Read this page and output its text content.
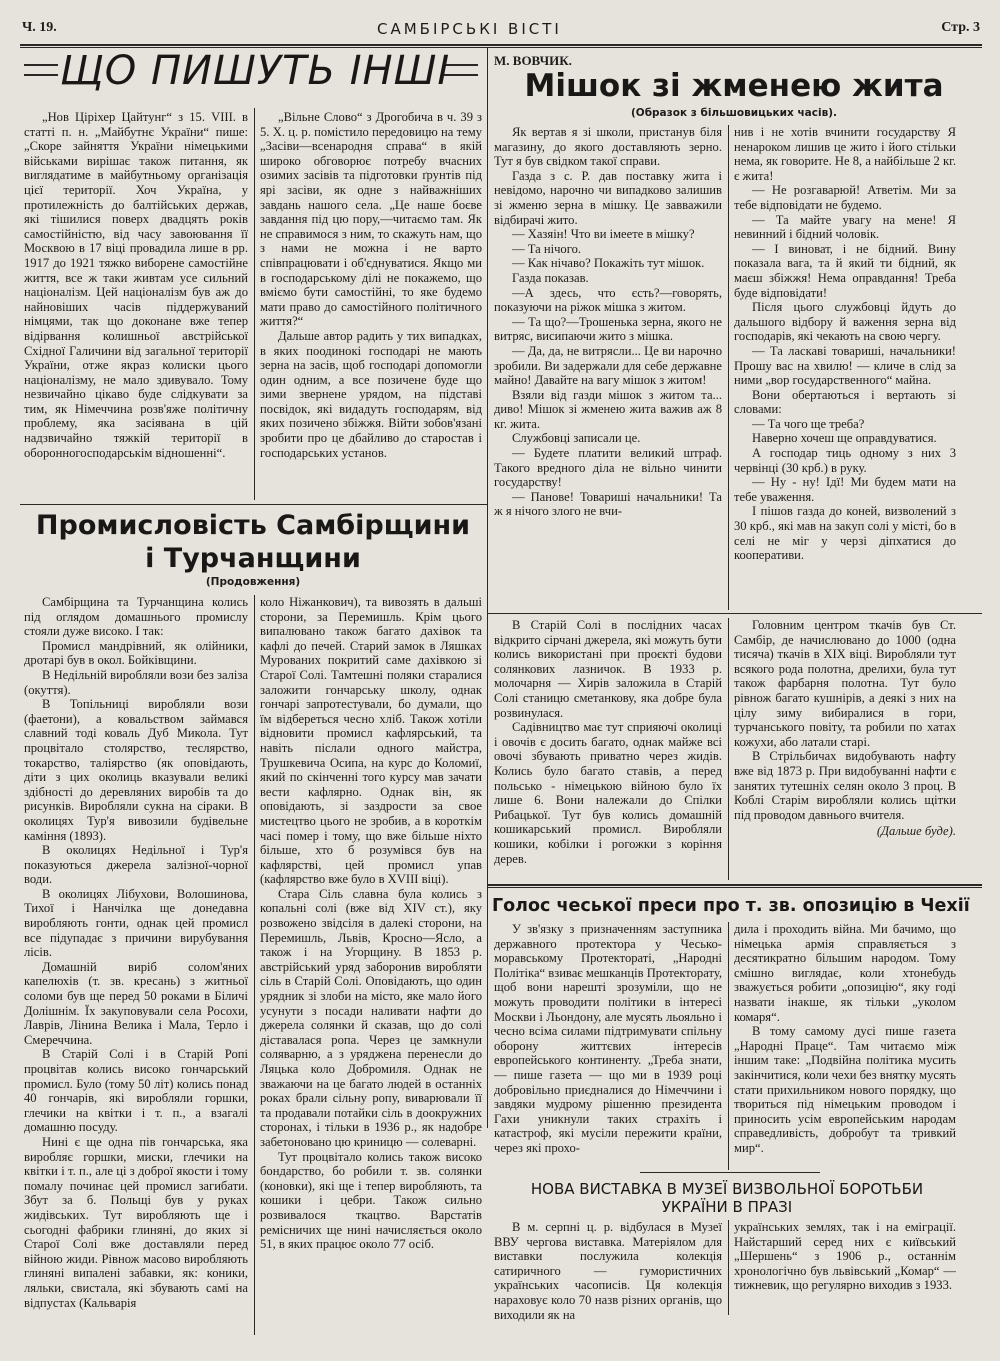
Ч. 19.	САМБІРСЬКІ ВІСТІ	Стр. 3
ЩО ПИШУТЬ ІНШІ

„Нов Ціріхер Цайтунг“ з 15. VIII. в статті п. н. „Майбутнє України“ пише: „Скоре зайняття України німецькими військами вирішає також питання, як виглядатиме в майбутньому організація цієї території. Хоч Україна, у протилежність до балтійських держав, які тішилися поверх двадцять років самостійністю, від часу завоювання її Москвою в 17 віці провадила лише в рр. 1917 до 1921 тяжко виборене самостійне життя, все ж таки живтам усе сильний націоналізм. Цей націоналізм був аж до найновіших часів піддержуваний німцями, так що доконане вже тепер відірвання колишньої австрійської Східної Галичини від загальної території України, отже якраз колиски цього націоналізму, не мало здивувало. Тому незвичайно цікаво буде слідкувати за тим, як Німеччина розв'яже політичну проблему, яка засіявана в цій надзвичайно тяжкій території в оборонногосподарськім відношенні“.

„Вільне Слово“ з Дрогобича в ч. 39 з 5. X. ц. р. помістило передовицю на тему „Засіви—всенародня справа“ в якій широко обговорює потребу вчасних озимих засівів та підготовки ґрунтів під ярі засіви, як одне з найважніших завдань нашого села. „Це наше боєве завдання під цю пору,—читаємо там. Як не справимося з ним, то скажуть нам, що з нами не можна і не варто співпрацювати і об'єднуватися. Якщо ми в господарському ділі не покажемо, що вміємо бути самостійні, то яке будемо мати право до самостійного політичного життя?“

Дальше автор радить у тих випадках, в яких поодинокі господарі не мають зерна на засів, щоб господарі допомогли один одним, а все позичене буде що зими звернене урядом, на підставі посвідок, які видадуть господарям, від яких позичено збіжжя. Війти зобов'язані зробити про це дбайливо до старостав і господарських установ.

М. ВОВЧИК.
Мішок зі жменею жита
(Образок з більшовицьких часів).

Як вертав я зі школи, пристанув біля магазину, до якого доставляють зерно. Тут я був свідком такої справи.

Газда з с. Р. дав поставку жита і невідомо, нарочно чи випадково залишив зі жменю зерна в мішку. Це завважили відбирачі жито.

— Хазяін! Что ви імеете в мішку?

— Та нічого.

— Как нічаво? Покажіть тут мішок.

Газда показав.

—А здесь, что єсть?—говорять, показуючи на ріжок мішка з житом.

— Та що?—Трошенька зерна, якого не витряс, висипаючи жито з мішка.

— Да, да, не витрясли... Це ви нарочно зробили. Ви задержали для себе державне майно! Давайте на вагу мішок з житом!

Взяли від газди мішок з житом та... диво! Мішок зі жменею жита важив аж 8 кг. жита.

Службовці записали це.

— Будете платити великий штраф. Такого вредного діла не вільно чинити государству!

— Панове! Товариші начальники! Та ж я нічого злого не вчи-

нив і не хотів вчинити государству Я ненароком лишив це жито і його стільки нема, як говорите. Не 8, а найбільше 2 кг. є жита!

— Не розгаварюй! Атветім. Ми за тебе відповідати не будемо.

— Та майте увагу на мене! Я невинний і бідний чоловік.

— І виноват, і не бідний. Вину показала вага, та й який ти бідний, як маєш збіжжя! Нема оправдання! Треба буде відповідати!

Після цього службовці йдуть до дальшого відбору й важення зерна від господарів, які чекають на свою чергу.

— Та ласкаві товариші, начальники! Прошу вас на хвилю! — кличе в слід за ними „вор государственного“ майна.

Вони обертаються і вертають зі словами:

— Та чого ще треба?

Наверно хочеш ще оправдуватися.

А господар тиць одному з них 3 червінці (30 крб.) в руку.

— Ну - ну! Ідї! Ми будем мати на тебе уваження.

І пішов газда до коней, визволений з 30 крб., які мав на закуп солі у місті, бо в селі не міг у черзі діпхатися до кооперативи.

Промисловість Самбірщини
і Турчанщини
(Продовження)

Самбірщина та Турчанщина колись під оглядом домашнього промислу стояли дуже високо. І так:

Промисл мандрівний, як олійники, дротарі був в окол. Бойківщини.

В Недільній виробляли вози без заліза (окуття).

В Топільниці виробляли вози (фаетони), а ковальством займався славний тоді коваль Дуб Микола. Тут процвітало столярство, теслярство, токарство, таліярство (як оповідають, діти з цих околиць вказували великі здібності до деревляних виробів та до рисунків. Виробляли сукна на сіраки. В околицях Тур'я вивозили будівельне каміння (1893).

В околицях Недільної і Тур'я показуються джерела залізної-чорної води.

В околицях Лібухови, Волошинова, Тихої і Нанчілка ще донедавна виробляють гонти, однак цей промисл все підупадає з причини вирубування лісів.

Домашній виріб солом'яних капелюхів (т. зв. кресань) з житньої соломи був ще перед 50 роками в Біличі Долішнім. Їх закуповували села Росохи, Лаврів, Лінина Велика і Мала, Терло і Смереччина.

В Старій Солі і в Старій Ропі процвітав колись високо гончарський промисл. Було (тому 50 літ) колись понад 40 гончарів, які виробляли горшки, глечики на квітки і т. п., а взагалі домашню посуду.

Нині є ще одна пів гончарська, яка виробляє горшки, миски, глечики на квітки і т. п., але ці з доброї якости і тому помалу починає цей промисл загибати. Збут за б. Польщі був у руках жидівських. Тут виробляють ще і сьогодні фабрики глиняні, до яких зі Старої Солі вже доставляли перед війною жиди. Рівнож масово виробляють глиняні випалені забавки, як: коники, ляльки, свистала, які збувають самі на відпустах (Кальварія

коло Ніжанкович), та вивозять в дальші сторони, за Перемишль. Крім цього випалювано також багато дахівок та кафлі до печей. Старий замок в Ляшках Мурованих покритий саме дахівкою зі Старої Солі. Тамтешні поляки старалися заложити гончарську школу, однак гончарі запротестували, бо думали, що їм відбереться чесно хліб. Також хотіли відновити промисл кафлярський, та навіть післали одного майстра, Трушкевича Осипа, на курс до Коломиї, який по скінченні того курсу мав зачати вести кафлярно. Однак він, як оповідають, зі заздрости за свое мистецтво цього не зробив, а в короткім часі помер і тому, що вже більше ніхто більше, хто б розумівся був на кафлярстві, цей промисл упав (кафлярство вже було в XVIII віці).

Стара Сіль славна була колись з копальні солі (вже від XIV ст.), яку розвожено звідсіля в далекі сторони, на Перемишль, Львів, Кросно—Ясло, а також і на Угорщину. В 1853 р. австрійський уряд заборонив виробляти сіль в Старій Солі. Оповідають, що один урядник зі злоби на місто, яке мало його усунути з посади наливати нафти до джерела солянки й сказав, що до солі діставалася ропа. Через це замкнули соляварню, а з уряджена перенесли до Ляцька коло Добромиля. Однак не зважаючи на це багато людей в останніх роках брали сільну ропу, виварювали її та продавали потайки сіль в доокружних сторонах, і тільки в 1936 р., як надобре забетоновано цю криницю — солеварні.

Тут процвітало колись також високо бондарство, бо робили т. зв. солянки (коновки), які ще і тепер виробляють, та кошики і цебри. Також сильно розвивалося ткацтво. Варстатів ремісничих ще нині начисляється около 51, в яких працює около 77 осіб.

В Старій Солі в послідних часах відкрито сірчані джерела, які можуть бути колись використані при проєкті будови солянкових лазничок. В 1933 р. молочарня — Хирів заложила в Старій Солі станицю сметанкову, яка добре була розвинулася.

Садівництво має тут сприяючі околиці і овочів є досить багато, однак майже всі овочі збувають приватно через жидів. Колись було багато ставів, а перед польсько - німецькою війною було їх лише 6. Вони належали до Спілки Рибацької. Тут був колись домашній кошикарський промисл. Виробляли кошики, кобілки і рогожки з коріння дерев.

Головним центром ткачів був Ст. Самбір, де начислювано до 1000 (одна тисяча) ткачів в XIX віці. Виробляли тут всякого рода полотна, дрелихи, була тут також фарбарня полотна. Тут було рівнож багато кушнірів, а деякі з них на цілу зиму вибиралися в гори, турчанського повіту, та робили по хатах кожухи, або латали старі.

В Стрільбичах видобувають нафту вже від 1873 р. При видобуванні нафти є занятих тутешніх селян около 3 проц. В Коблі Старім виробляли колись щітки під проводом давнього вчителя.

(Дальше буде).

Голос чеської преси про т. зв. опозицію в Чехії

У зв'язку з призначенням заступника державного протектора у Чесько-моравському Протектораті, „Народні Політіка“ взиває мешканців Протекторату, щоб вони нарешті зрозуміли, що не можуть проводити політики в інтересі Москви і Льондону, але мусять льояльно і чесно всіма силами підтримувати спільну оборону життєвих інтересів европейського континенту. „Треба знати, — пише газета — що ми в 1939 році добровільно приєдналися до Німеччини і завдяки мудрому рішенню президента Гахи уникнули таких страхіть і катастроф, які мусіли пережити країни, через які прохо-

дила і проходить війна. Ми бачимо, що німецька армія справляється з десятикратно більшим народом. Тому смішно виглядає, коли хтонебудь зважується робити „опозицію“, яку годі назвати інакше, як тільки „уколом комаря“.

В тому самому дусі пише газета „Народні Праце“. Там читаємо між іншим таке: „Подвійна політика мусить закінчитися, коли чехи без внятку мусять стати прихильником нового порядку, що твориться під німецьким проводом і приносить усім европейським народам справедливість, добробут та тривкий мир“.

НОВА ВИСТАВКА В МУЗЕЇ ВИЗВОЛЬНОЇ БОРОТЬБИ
УКРАЇНИ В ПРАЗІ

В м. серпні ц. р. відбулася в Музеї ВВУ чергова виставка. Матеріялом для виставки послужила колекція сатиричного — гумористичних українських часописів. Ця колекція нараховує коло 70 назв різних органів, що виходили як на

українських землях, так і на еміграції. Найстарший серед них є київський „Шершень“ з 1906 р., останнім хронологічно був львівський „Комар“ — тижневик, що регулярно виходив з 1933.
